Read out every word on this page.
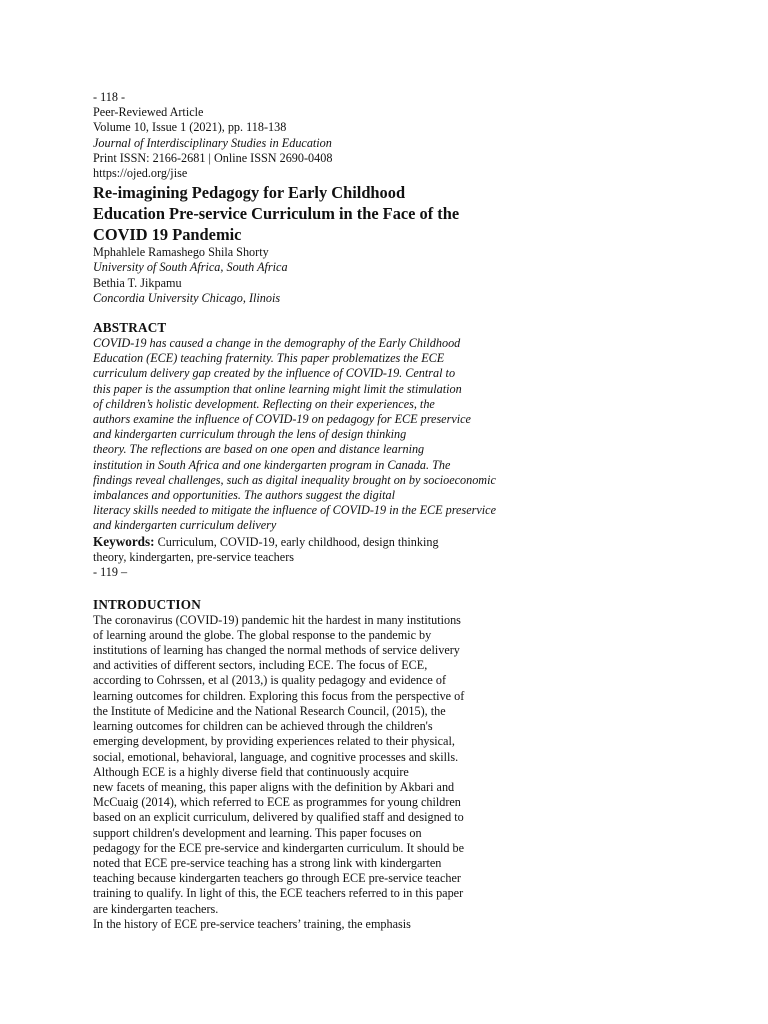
- 118 -
Peer-Reviewed Article
Volume 10, Issue 1 (2021), pp. 118-138
Journal of Interdisciplinary Studies in Education
Print ISSN: 2166-2681 | Online ISSN 2690-0408
https://ojed.org/jise
Re-imagining Pedagogy for Early Childhood
Education Pre-service Curriculum in the Face of the
COVID 19 Pandemic
Mphahlele Ramashego Shila Shorty
University of South Africa, South Africa
Bethia T. Jikpamu
Concordia University Chicago, Ilinois
ABSTRACT
COVID-19 has caused a change in the demography of the Early Childhood
Education (ECE) teaching fraternity. This paper problematizes the ECE
curriculum delivery gap created by the influence of COVID-19. Central to
this paper is the assumption that online learning might limit the stimulation
of children’s holistic development. Reflecting on their experiences, the
authors examine the influence of COVID-19 on pedagogy for ECE preservice
and kindergarten curriculum through the lens of design thinking
theory. The reflections are based on one open and distance learning
institution in South Africa and one kindergarten program in Canada. The
findings reveal challenges, such as digital inequality brought on by socioeconomic
imbalances and opportunities. The authors suggest the digital
literacy skills needed to mitigate the influence of COVID-19 in the ECE preservice
and kindergarten curriculum delivery
Keywords: Curriculum, COVID-19, early childhood, design thinking
theory, kindergarten, pre-service teachers
- 119 –
INTRODUCTION
The coronavirus (COVID-19) pandemic hit the hardest in many institutions
of learning around the globe. The global response to the pandemic by
institutions of learning has changed the normal methods of service delivery
and activities of different sectors, including ECE. The focus of ECE,
according to Cohrssen, et al (2013,) is quality pedagogy and evidence of
learning outcomes for children. Exploring this focus from the perspective of
the Institute of Medicine and the National Research Council, (2015), the
learning outcomes for children can be achieved through the children's
emerging development, by providing experiences related to their physical,
social, emotional, behavioral, language, and cognitive processes and skills.
Although ECE is a highly diverse field that continuously acquire
new facets of meaning, this paper aligns with the definition by Akbari and
McCuaig (2014), which referred to ECE as programmes for young children
based on an explicit curriculum, delivered by qualified staff and designed to
support children's development and learning. This paper focuses on
pedagogy for the ECE pre-service and kindergarten curriculum. It should be
noted that ECE pre-service teaching has a strong link with kindergarten
teaching because kindergarten teachers go through ECE pre-service teacher
training to qualify. In light of this, the ECE teachers referred to in this paper
are kindergarten teachers.
In the history of ECE pre-service teachers’ training, the emphasis
